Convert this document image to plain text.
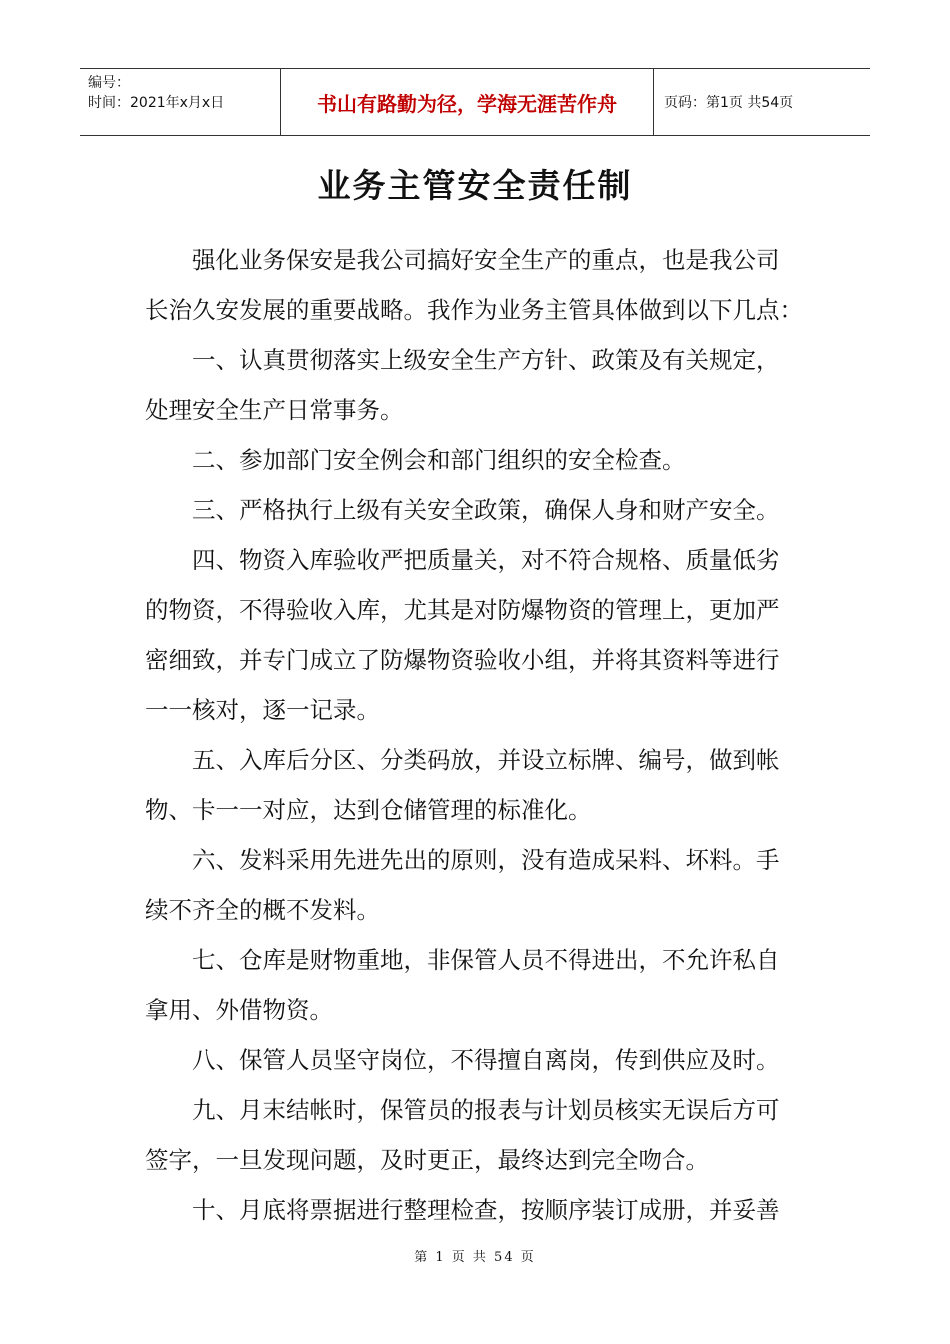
编号：
时间：2021年x月x日	书山有路勤为径，学海无涯苦作舟	页码：第1页 共54页
业务主管安全责任制
强化业务保安是我公司搞好安全生产的重点，也是我公司
长治久安发展的重要战略。我作为业务主管具体做到以下几点：
一、认真贯彻落实上级安全生产方针、政策及有关规定，
处理安全生产日常事务。
二、参加部门安全例会和部门组织的安全检查。
三、严格执行上级有关安全政策，确保人身和财产安全。
四、物资入库验收严把质量关，对不符合规格、质量低劣
的物资，不得验收入库，尤其是对防爆物资的管理上，更加严
密细致，并专门成立了防爆物资验收小组，并将其资料等进行
一一核对，逐一记录。
五、入库后分区、分类码放，并设立标牌、编号，做到帐
物、卡一一对应，达到仓储管理的标准化。
六、发料采用先进先出的原则，没有造成呆料、坏料。手
续不齐全的概不发料。
七、仓库是财物重地，非保管人员不得进出，不允许私自
拿用、外借物资。
八、保管人员坚守岗位，不得擅自离岗，传到供应及时。
九、月末结帐时，保管员的报表与计划员核实无误后方可
签字，一旦发现问题，及时更正，最终达到完全吻合。
十、月底将票据进行整理检查，按顺序装订成册，并妥善
第 1 页 共 54 页
